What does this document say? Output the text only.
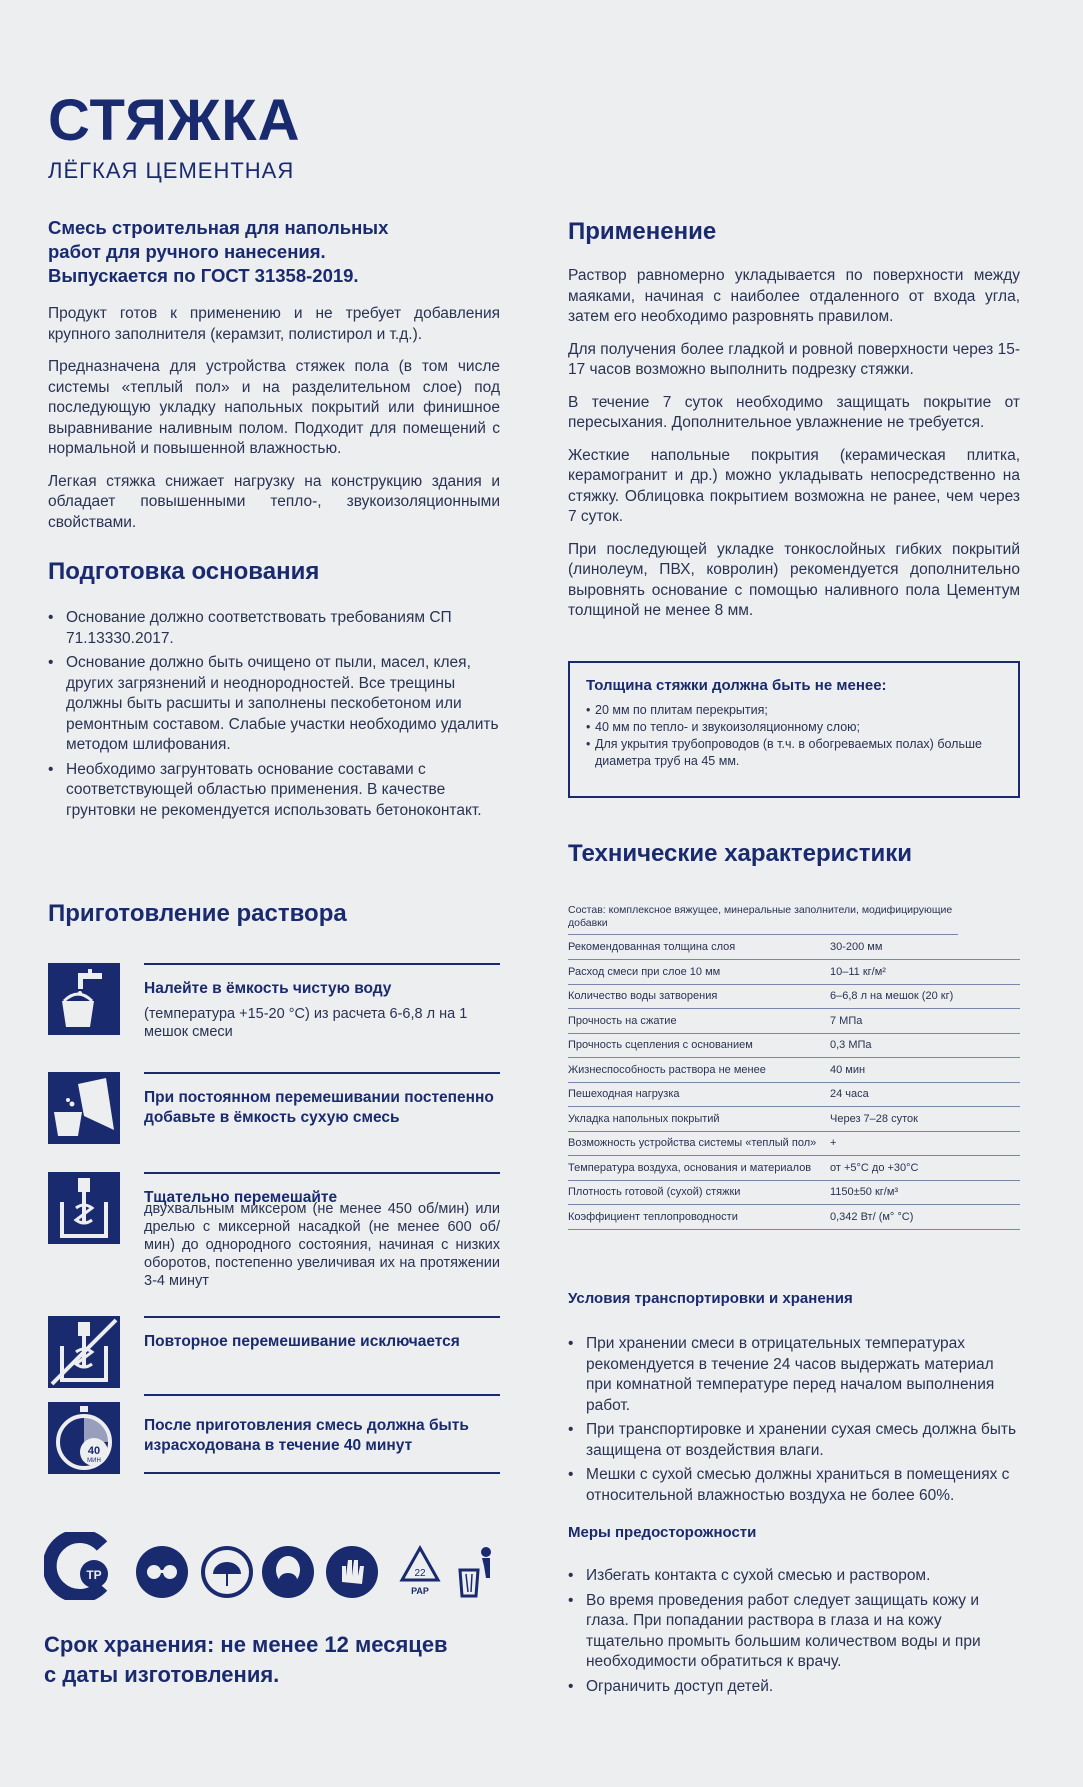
СТЯЖКА
ЛЁГКАЯ ЦЕМЕНТНАЯ
Смесь строительная для напольных
работ для ручного нанесения.
Выпускается по ГОСТ 31358-2019.

Продукт готов к применению и не требует добавления крупного заполнителя (керамзит, полистирол и т.д.).

Предназначена для устройства стяжек пола (в том числе системы «теплый пол» и на разделительном слое) под последующую укладку напольных покрытий или финишное выравнивание наливным полом. Подходит для помещений с нормальной и повышенной влажностью.

Легкая стяжка снижает нагрузку на конструкцию здания и обладает повышенными тепло-, звукоизоляционными свойствами.

Подготовка основания
• Основание должно соответствовать требованиям СП 71.13330.2017.
• Основание должно быть очищено от пыли, масел, клея, других загрязнений и неоднородностей. Все трещины должны быть расшиты и заполнены пескобетоном или ремонтным составом. Слабые участки необходимо удалить методом шлифования.
• Необходимо загрунтовать основание составами с соответствующей областью применения. В качестве грунтовки не рекомендуется использовать бетоноконтакт.
Приготовление раствора
Налейте в ёмкость чистую воду
(температура +15-20 °С) из расчета 6-6,8 л на 1 мешок смеси
При постоянном перемешивании постепенно добавьте в ёмкость сухую смесь
Тщательно перемешайте
двухвальным миксером (не менее 450 об/мин) или дрелью с миксерной насадкой (не менее 600 об/мин) до однородного состояния, начиная с низких оборотов, постепенно увеличивая их на протяжении 3-4 минут
Повторное перемешивание исключается
40
МИН
После приготовления смесь должна быть израсходована в течение 40 минут
ТР	22
PAP
Срок хранения: не менее 12 месяцев
с даты изготовления.
Применение

Раствор равномерно укладывается по поверхности между маяками, начиная с наиболее отдаленного от входа угла, затем его необходимо разровнять правилом.

Для получения более гладкой и ровной поверхности через 15-17 часов возможно выполнить подрезку стяжки.

В течение 7 суток необходимо защищать покрытие от пересыхания. Дополнительное увлажнение не требуется.

Жесткие напольные покрытия (керамическая плитка, керамогранит и др.) можно укладывать непосредственно на стяжку. Облицовка покрытием возможна не ранее, чем через 7 суток.

При последующей укладке тонкослойных гибких покрытий (линолеум, ПВХ, ковролин) рекомендуется дополнительно выровнять основание с помощью наливного пола Цементум толщиной не менее 8 мм.

Толщина стяжки должна быть не менее:
• 20 мм по плитам перекрытия;
• 40 мм по тепло- и звукоизоляционному слою;
• Для укрытия трубопроводов (в т.ч. в обогреваемых полах) больше диаметра труб на 45 мм.
Технические характеристики
Состав: комплексное вяжущее, минеральные заполнители, модифицирующие добавки
Рекомендованная толщина слоя	30-200 мм
Расход смеси при слое 10 мм	10–11 кг/м²
Количество воды затворения	6–6,8 л на мешок (20 кг)
Прочность на сжатие	7 МПа
Прочность сцепления с основанием	0,3 МПа
Жизнеспособность раствора не менее	40 мин
Пешеходная нагрузка	24 часа
Укладка напольных покрытий	Через 7–28 суток
Возможность устройства системы «теплый пол»	+
Температура воздуха, основания и материалов	от +5°С до +30°С
Плотность готовой (сухой) стяжки	1150±50 кг/м³
Коэффициент теплопроводности	0,342 Вт/ (м° °С)
Условия транспортировки и хранения
• При хранении смеси в отрицательных температурах рекомендуется в течение 24 часов выдержать материал при комнатной температуре перед началом выполнения работ.
• При транспортировке и хранении сухая смесь должна быть защищена от воздействия влаги.
• Мешки с сухой смесью должны храниться в помещениях с относительной влажностью воздуха не более 60%.
Меры предосторожности
• Избегать контакта с сухой смесью и раствором.
• Во время проведения работ следует защищать кожу и глаза. При попадании раствора в глаза и на кожу тщательно промыть большим количеством воды и при необходимости обратиться к врачу.
• Ограничить доступ детей.
